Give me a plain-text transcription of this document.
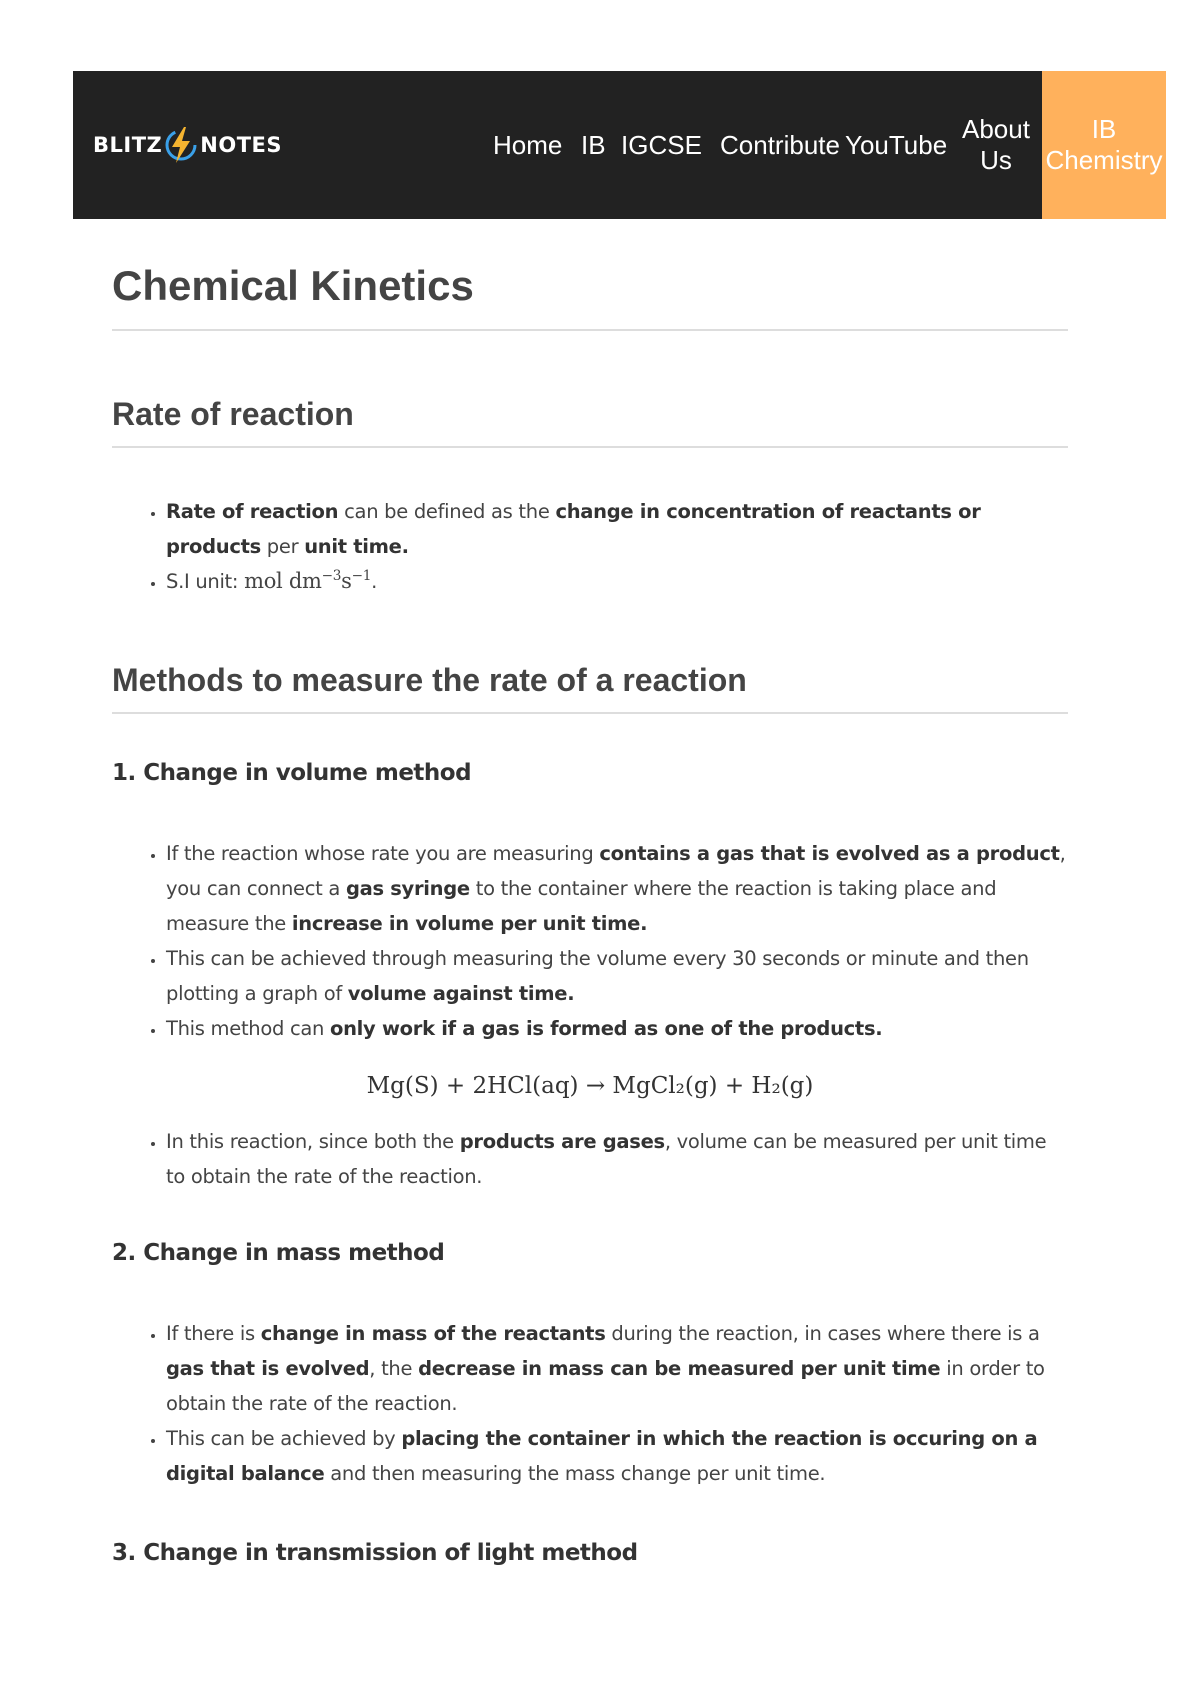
BLITZ NOTES	Home IB IGCSE Contribute YouTube
About
Us
IB
Chemistry
Chemical Kinetics
Rate of reaction
• Rate of reaction can be defined as the change in concentration of reactants or products per unit time.
• S.I unit: mol $dm^{-3}s^{-1}$.
Methods to measure the rate of a reaction
1. Change in volume method
• If the reaction whose rate you are measuring contains a gas that is evolved as a product, you can connect a gas syringe to the container where the reaction is taking place and measure the increase in volume per unit time.
• This can be achieved through measuring the volume every 30 seconds or minute and then plotting a graph of volume against time.
• This method can only work if a gas is formed as one of the products.
Mg(S) + 2HCl(aq) → MgCl₂(g) + H₂(g)
• In this reaction, since both the products are gases, volume can be measured per unit time to obtain the rate of the reaction.
2. Change in mass method
• If there is change in mass of the reactants during the reaction, in cases where there is a gas that is evolved, the decrease in mass can be measured per unit time in order to obtain the rate of the reaction.
• This can be achieved by placing the container in which the reaction is occuring on a digital balance and then measuring the mass change per unit time.
3. Change in transmission of light method
